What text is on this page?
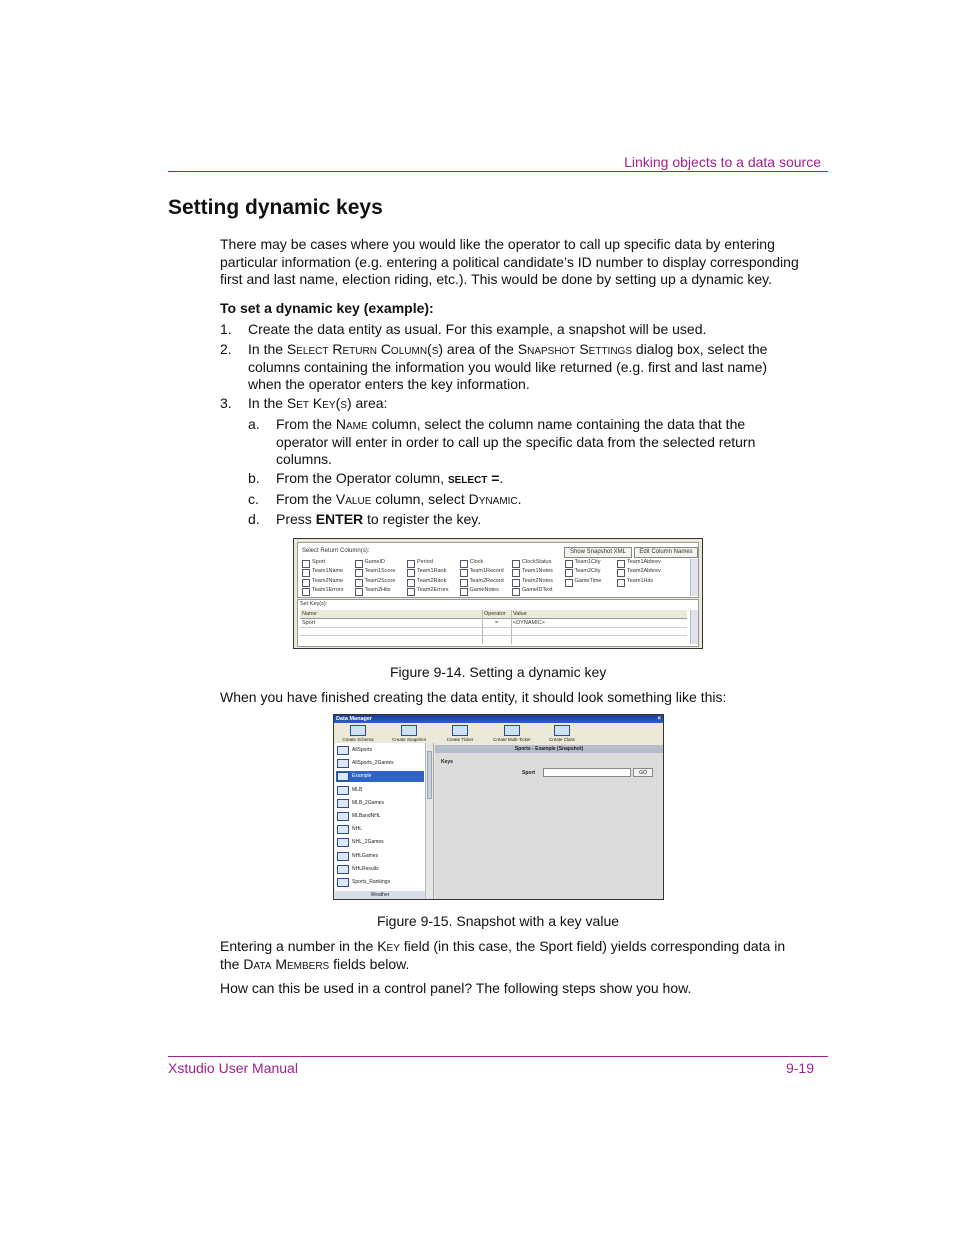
Linking objects to a data source
Setting dynamic keys
There may be cases where you would like the operator to call up specific data by entering particular information (e.g. entering a political candidate’s ID number to display corresponding first and last name, election riding, etc.). This would be done by setting up a dynamic key.
To set a dynamic key (example):
1. Create the data entity as usual. For this example, a snapshot will be used.
2. In the Select Return Column(s) area of the Snapshot Settings dialog box, select the columns containing the information you would like returned (e.g. first and last name) when the operator enters the key information.
3. In the Set Key(s) area:
a. From the Name column, select the column name containing the data that the operator will enter in order to call up the specific data from the selected return columns.
b. From the Operator column, select =.
c. From the Value column, select Dynamic.
d. Press ENTER to register the key.
Select Return Column(s):	Show Snapshot XML	Edit Column Names
Sport
Team1Name
Team2Name
Team1Errors
GameID
Team1Score
Team2Score
Team2Hits
Period
Team1Rank
Team2Rank
Team2Errors
Clock
Team1Record
Team2Record
GameNotes
ClockStatus
Team1Notes
Team2Notes
GameIDText
Team1City
Team2City
GameTime
Team1Abbrev
Team2Abbrev
Team1Hits
Set Key(s):
Name	Operator Value
Sport	=	<DYNAMIC>
Figure 9-14. Setting a dynamic key
When you have finished creating the data entity, it should look something like this:
Data Manager	×
Create Schema	Create Snapshot	Create Ticker	Create Multi-Ticker	Create Class
AllSports
AllSports_2Games
Example
MLB
MLB_2Games
MLBandNHL
NHL
NHL_2Games
NHLGames
NHLResults
Sports_Rankings
Weather
Sports - Example (Snapshot)
Keys
Sport	GO
Figure 9-15. Snapshot with a key value
Entering a number in the Key field (in this case, the Sport field) yields corresponding data in the Data Members fields below.
How can this be used in a control panel? The following steps show you how.
Xstudio User Manual	9-19
